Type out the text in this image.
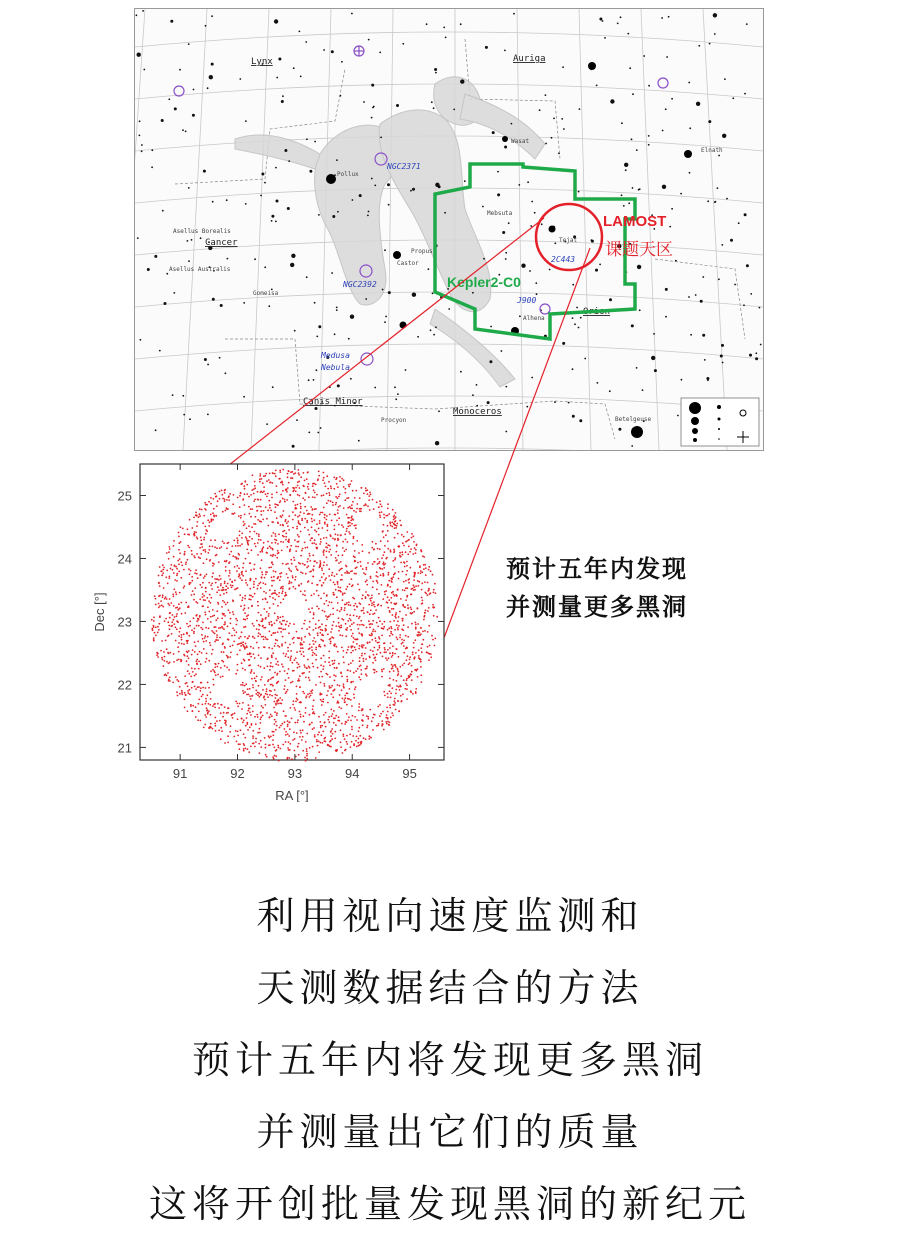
Lynx	Auriga
Cancer
Orion
Canis Minor
Monoceros
NGC2371
NGC2392
Medusa
Nebula
2C443
J900
Pollux
Castor
Wasat
Mebsuta
Tejat
Alhena
Procyon	Betelgeuse
Asellus Borealis
Asellus Australis
Propus
Gomeisa
Elnath
Kepler2-C0
LAMOST
课题天区
91	92	93	94	95
21
22
23
24
25
RA [°]
Dec [°]
预计五年内发现
并测量更多黑洞
利用视向速度监测和
天测数据结合的方法
预计五年内将发现更多黑洞
并测量出它们的质量
这将开创批量发现黑洞的新纪元
